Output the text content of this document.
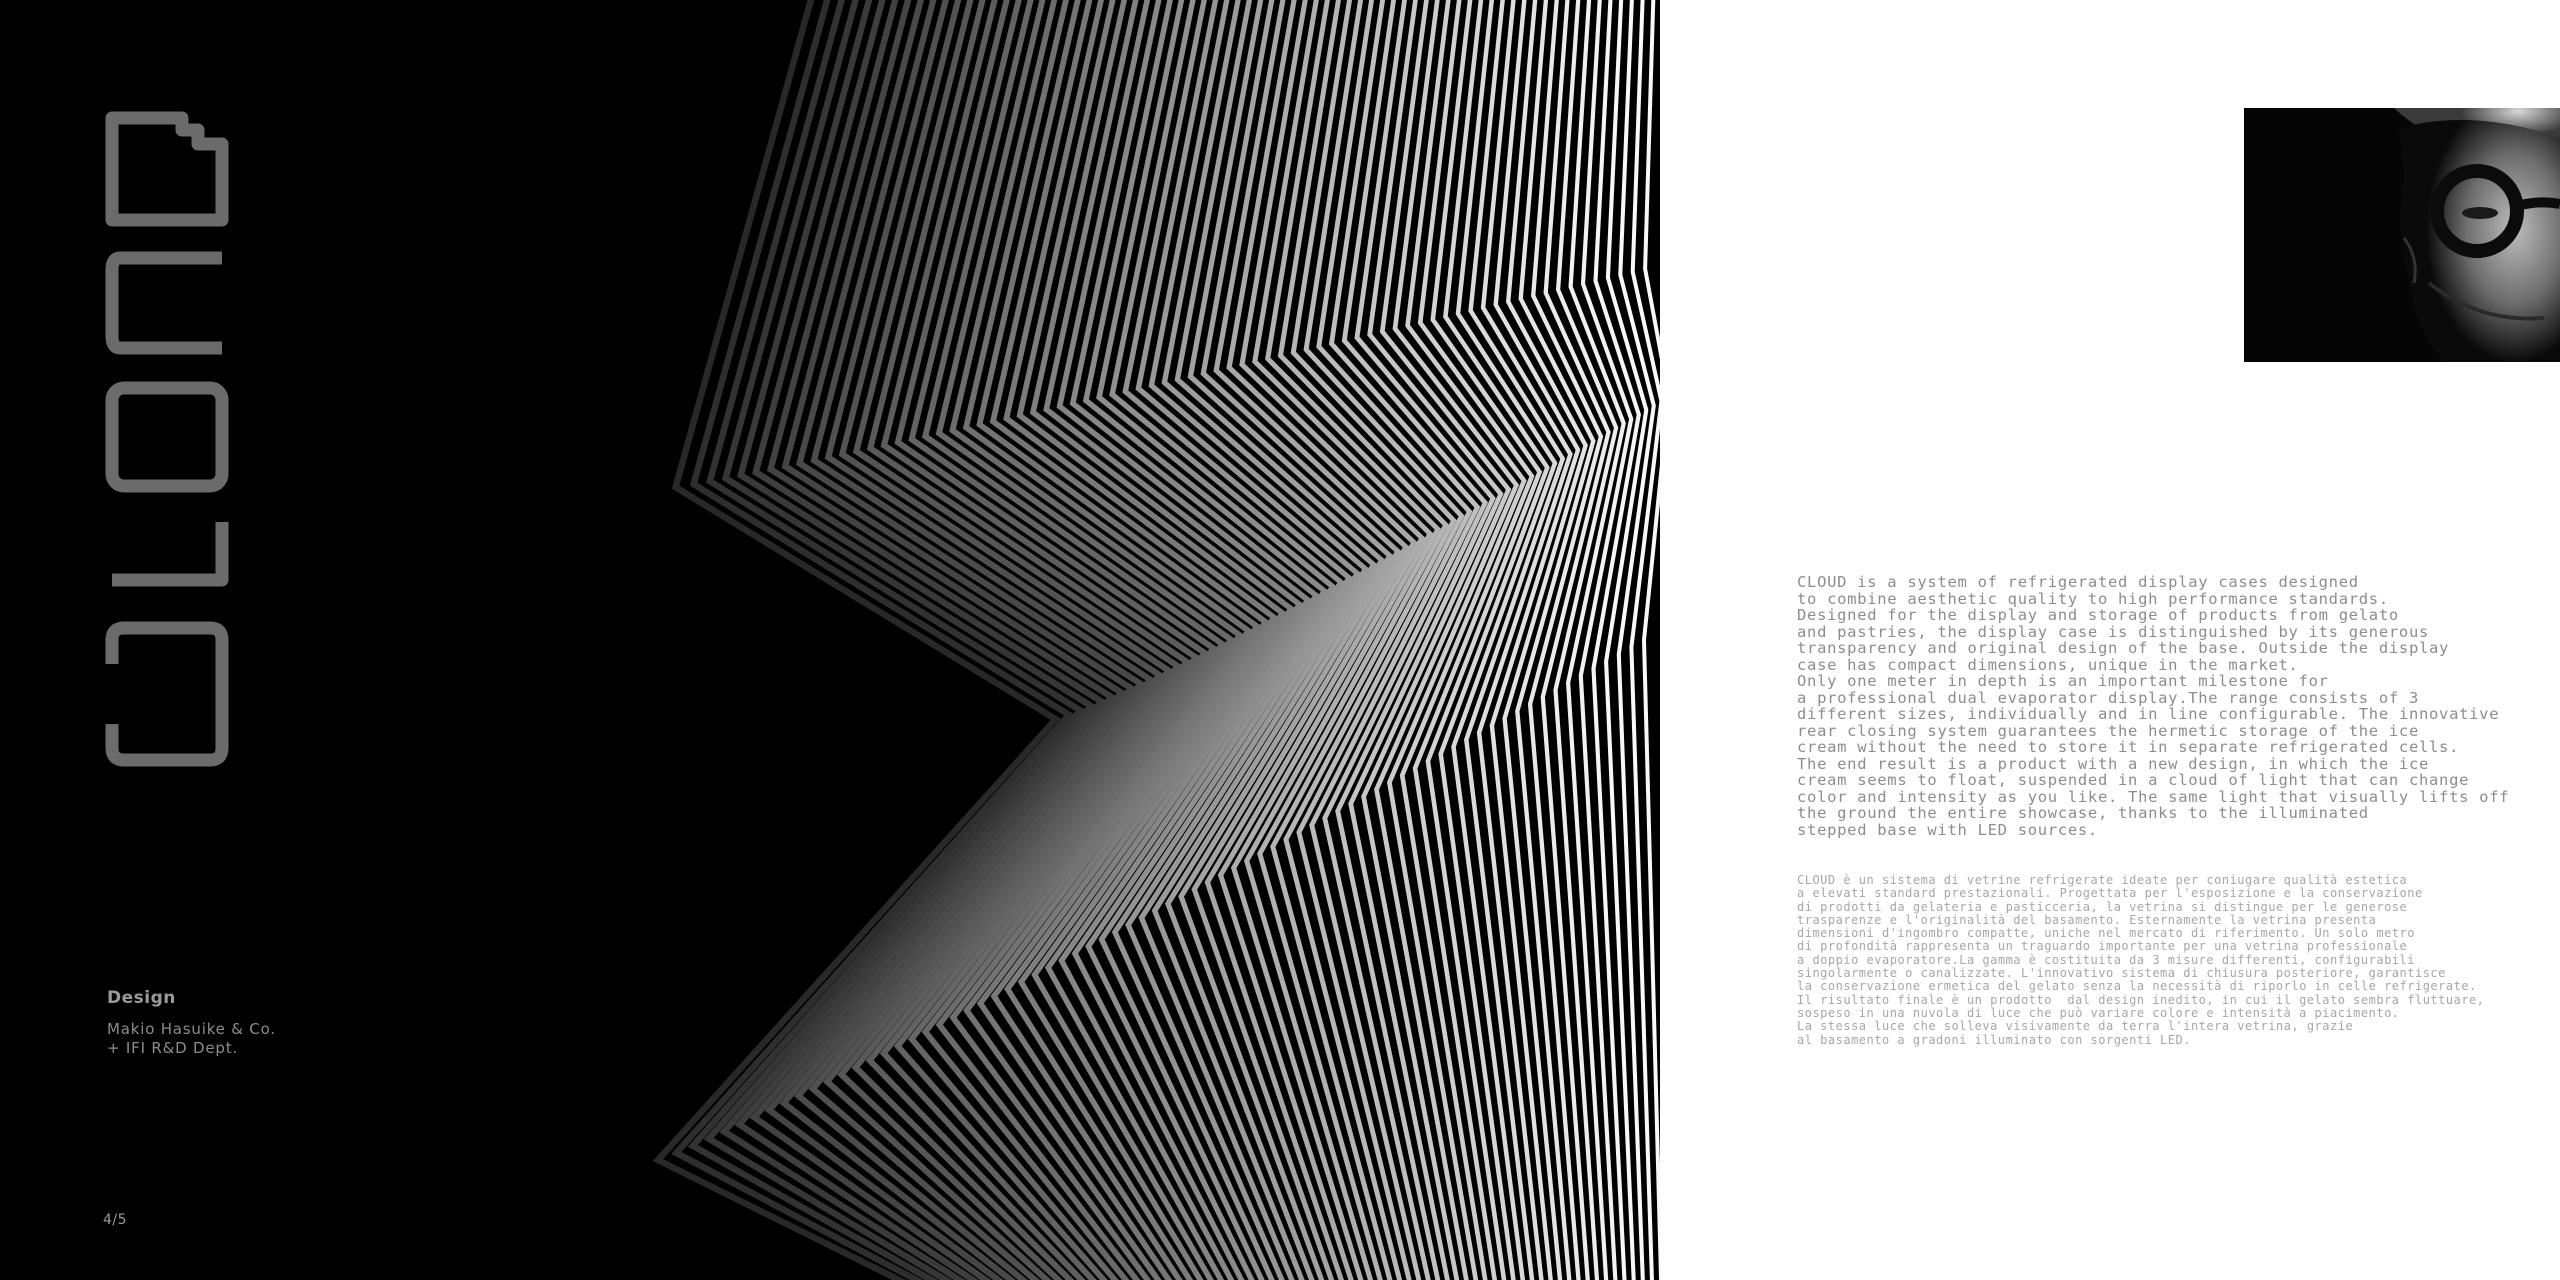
Design
Makio Hasuike & Co.
+ IFI R&D Dept.
4/5
CLOUD is a system of refrigerated display cases designed
to combine aesthetic quality to high performance standards.
Designed for the display and storage of products from gelato
and pastries, the display case is distinguished by its generous
transparency and original design of the base. Outside the display
case has compact dimensions, unique in the market.
Only one meter in depth is an important milestone for
a professional dual evaporator display.The range consists of 3
different sizes, individually and in line configurable. The innovative
rear closing system guarantees the hermetic storage of the ice
cream without the need to store it in separate refrigerated cells.
The end result is a product with a new design, in which the ice
cream seems to float, suspended in a cloud of light that can change
color and intensity as you like. The same light that visually lifts off
the ground the entire showcase, thanks to the illuminated
stepped base with LED sources.
CLOUD è un sistema di vetrine refrigerate ideate per coniugare qualità estetica
a elevati standard prestazionali. Progettata per l'esposizione e la conservazione
di prodotti da gelateria e pasticceria, la vetrina si distingue per le generose
trasparenze e l'originalità del basamento. Esternamente la vetrina presenta
dimensioni d'ingombro compatte, uniche nel mercato di riferimento. Un solo metro
di profondità rappresenta un traguardo importante per una vetrina professionale
a doppio evaporatore.La gamma è costituita da 3 misure differenti, configurabili
singolarmente o canalizzate. L'innovativo sistema di chiusura posteriore, garantisce
la conservazione ermetica del gelato senza la necessità di riporlo in celle refrigerate.
Il risultato finale è un prodotto  dal design inedito, in cui il gelato sembra fluttuare,
sospeso in una nuvola di luce che può variare colore e intensità a piacimento.
La stessa luce che solleva visivamente da terra l'intera vetrina, grazie
al basamento a gradoni illuminato con sorgenti LED.
